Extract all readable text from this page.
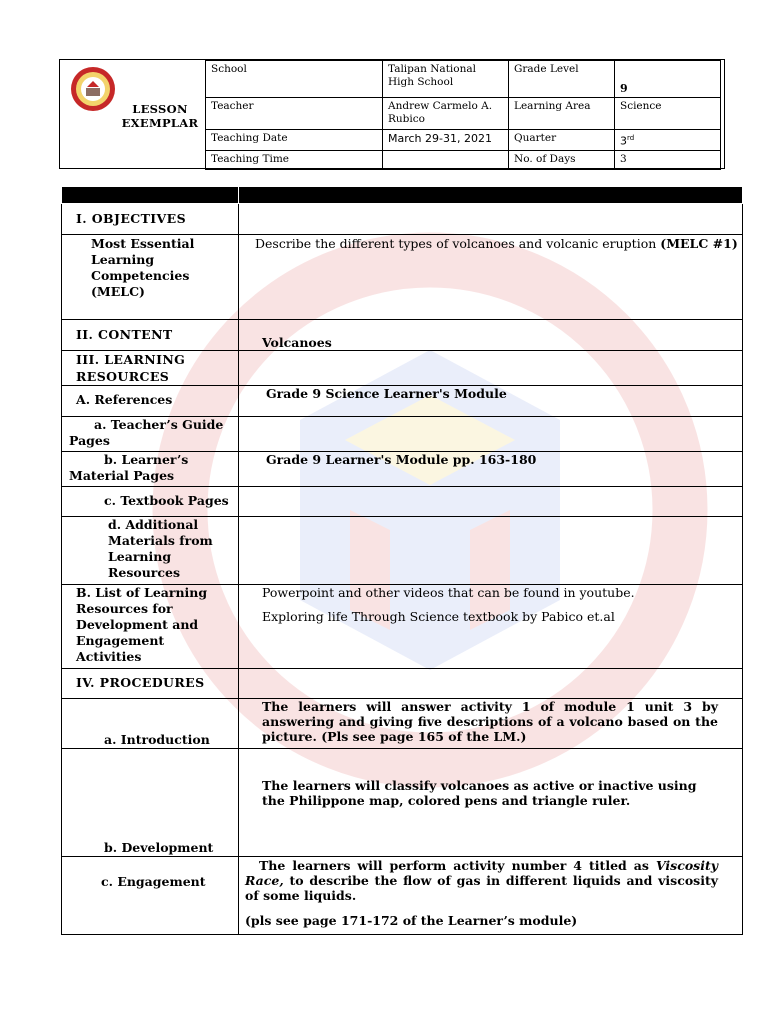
LESSON
EXEMPLAR
School	Talipan National High School	Grade Level	9
Teacher	Andrew Carmelo A. Rubico	Learning Area	Science
Teaching Date	March 29-31, 2021	Quarter	3rd
Teaching Time		No. of Days	3

I. OBJECTIVES	

Most Essential Learning Competencies (MELC)	Describe the different types of volcanoes and volcanic eruption (MELC #1)
II. CONTENT	Volcanoes
III. LEARNING RESOURCES	
A. References	Grade 9 Science Learner's Module
a. Teacher’s Guide Pages	
b. Learner’s Material Pages	Grade 9 Learner's Module pp. 163-180
c. Textbook Pages	

d. Additional Materials from Learning Resources	

B. List of Learning Resources for Development and Engagement Activities	Powerpoint and other videos that can be found in youtube.
Exploring life Through Science textbook by Pabico et.al

IV. PROCEDURES	
a. Introduction	The learners will answer activity 1 of module 1 unit 3 by answering and giving five descriptions of a volcano based on the picture. (Pls see page 165 of the LM.)
b. Development	The learners will classify volcanoes as active or inactive using the Philippone map, colored pens and triangle ruler.
c. Engagement	The learners will perform activity number 4 titled as Viscosity Race, to describe the flow of gas in different liquids and viscosity of some liquids.
(pls see page 171-172 of the Learner’s module)
